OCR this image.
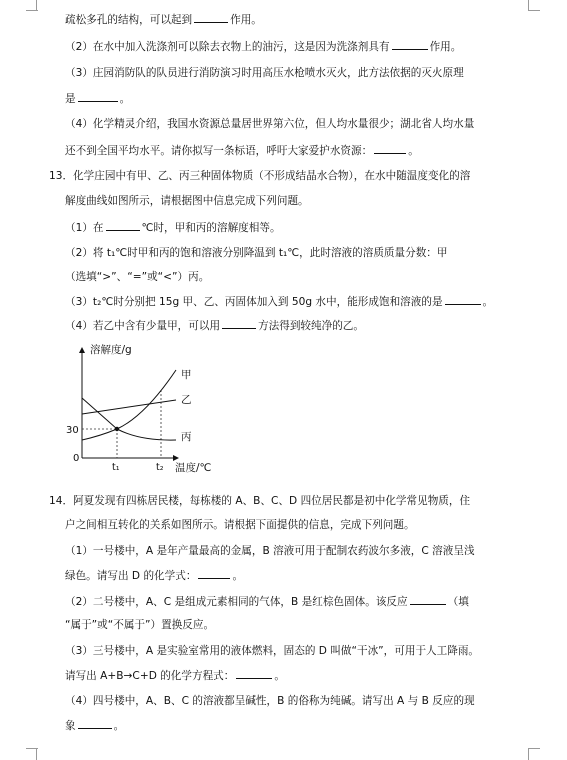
疏松多孔的结构，可以起到	作用。
（2）在水中加入洗涤剂可以除去衣物上的油污，这是因为洗涤剂具有	作用。
（3）庄园消防队的队员进行消防演习时用高压水枪喷水灭火，此方法依据的灭火原理
是	。
（4）化学精灵介绍，我国水资源总量居世界第六位，但人均水量很少；湖北省人均水量
还不到全国平均水平。请你拟写一条标语，呼吁大家爱护水资源：	。
13．化学庄园中有甲、乙、丙三种固体物质（不形成结晶水合物），在水中随温度变化的溶
解度曲线如图所示，请根据图中信息完成下列问题。
（1）在	℃时，甲和丙的溶解度相等。
（2）将 t₁℃时甲和丙的饱和溶液分别降温到 t₁℃，此时溶液的溶质质量分数：甲
（选填“>”、“=”或“<”）丙。
（3）t₂℃时分别把 15g 甲、乙、丙固体加入到 50g 水中，能形成饱和溶液的是	。
（4）若乙中含有少量甲，可以用	方法得到较纯净的乙。
溶解度/g
温度/℃
0
30
t₁	t₂
甲
乙
丙
14．阿夏发现有四栋居民楼，每栋楼的 A、B、C、D 四位居民都是初中化学常见物质，住
户之间相互转化的关系如图所示。请根据下面提供的信息，完成下列问题。
（1）一号楼中，A 是年产量最高的金属，B 溶液可用于配制农药波尔多液，C 溶液呈浅
绿色。请写出 D 的化学式：	。
（2）二号楼中，A、C 是组成元素相同的气体，B 是红棕色固体。该反应	（填
“属于”或“不属于”）置换反应。
（3）三号楼中，A 是实验室常用的液体燃料，固态的 D 叫做“干冰”，可用于人工降雨。
请写出 A+B→C+D 的化学方程式：	。
（4）四号楼中，A、B、C 的溶液都呈碱性，B 的俗称为纯碱。请写出 A 与 B 反应的现
象	。
